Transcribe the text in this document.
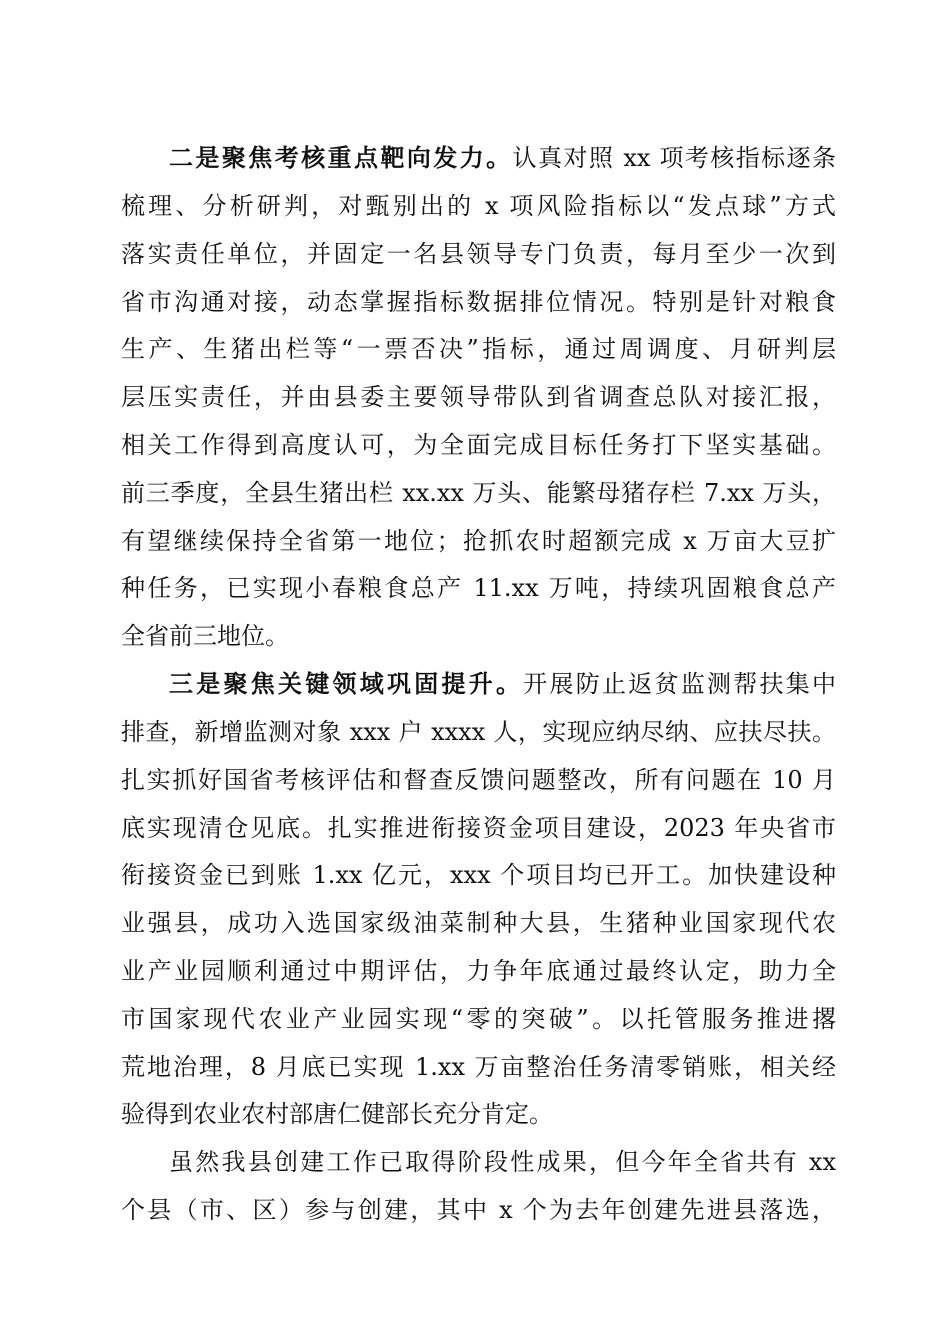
二是聚焦考核重点靶向发力。认真对照 xx 项考核指标逐条

梳理、分析研判，对甄别出的 x 项风险指标以“发点球”方式

落实责任单位，并固定一名县领导专门负责，每月至少一次到

省市沟通对接，动态掌握指标数据排位情况。特别是针对粮食

生产、生猪出栏等“一票否决”指标，通过周调度、月研判层

层压实责任，并由县委主要领导带队到省调查总队对接汇报，

相关工作得到高度认可，为全面完成目标任务打下坚实基础。

前三季度，全县生猪出栏 xx.xx 万头、能繁母猪存栏 7.xx 万头，

有望继续保持全省第一地位；抢抓农时超额完成 x 万亩大豆扩

种任务，已实现小春粮食总产 11.xx 万吨，持续巩固粮食总产

全省前三地位。

三是聚焦关键领域巩固提升。开展防止返贫监测帮扶集中

排查，新增监测对象 xxx 户 xxxx 人，实现应纳尽纳、应扶尽扶。

扎实抓好国省考核评估和督查反馈问题整改，所有问题在 10 月

底实现清仓见底。扎实推进衔接资金项目建设，2023 年央省市

衔接资金已到账 1.xx 亿元，xxx 个项目均已开工。加快建设种

业强县，成功入选国家级油菜制种大县，生猪种业国家现代农

业产业园顺利通过中期评估，力争年底通过最终认定，助力全

市国家现代农业产业园实现“零的突破”。以托管服务推进撂

荒地治理，8 月底已实现 1.xx 万亩整治任务清零销账，相关经

验得到农业农村部唐仁健部长充分肯定。

虽然我县创建工作已取得阶段性成果，但今年全省共有 xx

个县（市、区）参与创建，其中 x 个为去年创建先进县落选，
